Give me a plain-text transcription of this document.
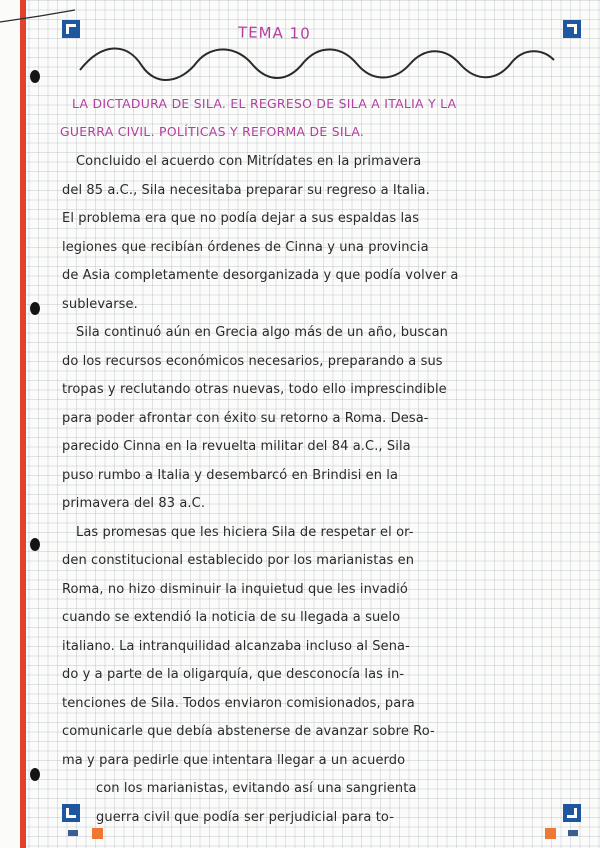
TEMA 10
LA DICTADURA DE SILA. EL REGRESO DE SILA A ITALIA Y LA
GUERRA CIVIL. POLÍTICAS Y REFORMA DE SILA.
Concluido el acuerdo con Mitrídates en la primavera
del 85 a.C., Sila necesitaba preparar su regreso a Italia.
El problema era que no podía dejar a sus espaldas las
legiones que recibían órdenes de Cinna y una provincia
de Asia completamente desorganizada y que podía volver a
sublevarse.
Sila continuó aún en Grecia algo más de un año, buscan
do los recursos económicos necesarios, preparando a sus
tropas y reclutando otras nuevas, todo ello imprescindible
para poder afrontar con éxito su retorno a Roma. Desa-
parecido Cinna en la revuelta militar del 84 a.C., Sila
puso rumbo a Italia y desembarcó en Brindisi en la
primavera del 83 a.C.
Las promesas que les hiciera Sila de respetar el or-
den constitucional establecido por los marianistas en
Roma, no hizo disminuir la inquietud que les invadió
cuando se extendió la noticia de su llegada a suelo
italiano. La intranquilidad alcanzaba incluso al Sena-
do y a parte de la oligarquía, que desconocía las in-
tenciones de Sila. Todos enviaron comisionados, para
comunicarle que debía abstenerse de avanzar sobre Ro-
ma y para pedirle que intentara llegar a un acuerdo
con los marianistas, evitando así una sangrienta
guerra civil que podía ser perjudicial para to-
